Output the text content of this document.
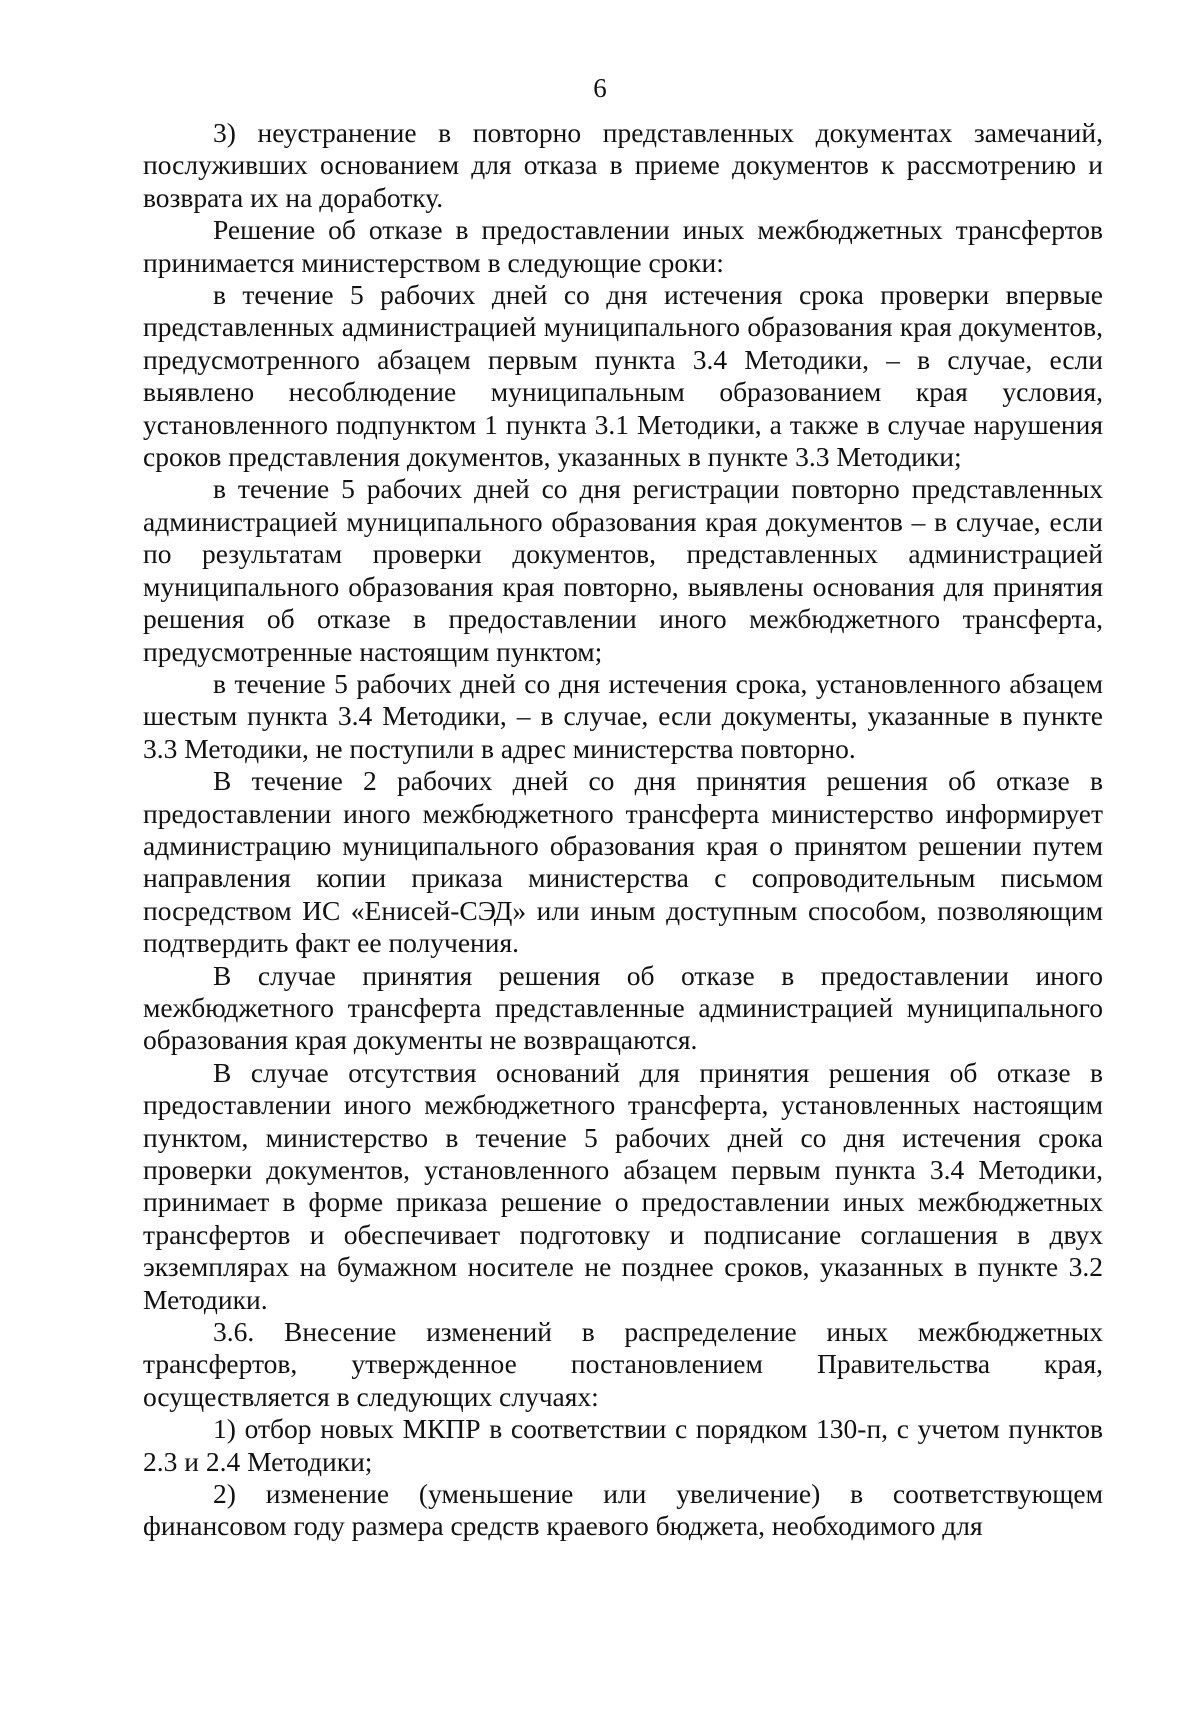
6

3) неустранение в повторно представленных документах замечаний, послуживших основанием для отказа в приеме документов к рассмотрению и возврата их на доработку.

Решение об отказе в предоставлении иных межбюджетных трансфертов принимается министерством в следующие сроки:

в течение 5 рабочих дней со дня истечения срока проверки впервые представленных администрацией муниципального образования края документов, предусмотренного абзацем первым пункта 3.4 Методики, – в случае, если выявлено несоблюдение муниципальным образованием края условия, установленного подпунктом 1 пункта 3.1 Методики, а также в случае нарушения сроков представления документов, указанных в пункте 3.3 Методики;

в течение 5 рабочих дней со дня регистрации повторно представленных администрацией муниципального образования края документов – в случае, если по результатам проверки документов, представленных администрацией муниципального образования края повторно, выявлены основания для принятия решения об отказе в предоставлении иного межбюджетного трансферта, предусмотренные настоящим пунктом;

в течение 5 рабочих дней со дня истечения срока, установленного абзацем шестым пункта 3.4 Методики, – в случае, если документы, указанные в пункте 3.3 Методики, не поступили в адрес министерства повторно.

В течение 2 рабочих дней со дня принятия решения об отказе в предоставлении иного межбюджетного трансферта министерство информирует администрацию муниципального образования края о принятом решении путем направления копии приказа министерства с сопроводительным письмом посредством ИС «Енисей-СЭД» или иным доступным способом, позволяющим подтвердить факт ее получения.

В случае принятия решения об отказе в предоставлении иного межбюджетного трансферта представленные администрацией муниципального образования края документы не возвращаются.

В случае отсутствия оснований для принятия решения об отказе в предоставлении иного межбюджетного трансферта, установленных настоящим пунктом, министерство в течение 5 рабочих дней со дня истечения срока проверки документов, установленного абзацем первым пункта 3.4 Методики, принимает в форме приказа решение о предоставлении иных межбюджетных трансфертов и обеспечивает подготовку и подписание соглашения в двух экземплярах на бумажном носителе не позднее сроков, указанных в пункте 3.2 Методики.

3.6. Внесение изменений в распределение иных межбюджетных трансфертов, утвержденное постановлением Правительства края, осуществляется в следующих случаях:

1) отбор новых МКПР в соответствии с порядком 130-п, с учетом пунктов 2.3 и 2.4 Методики;

2) изменение (уменьшение или увеличение) в соответствующем финансовом году размера средств краевого бюджета, необходимого для
